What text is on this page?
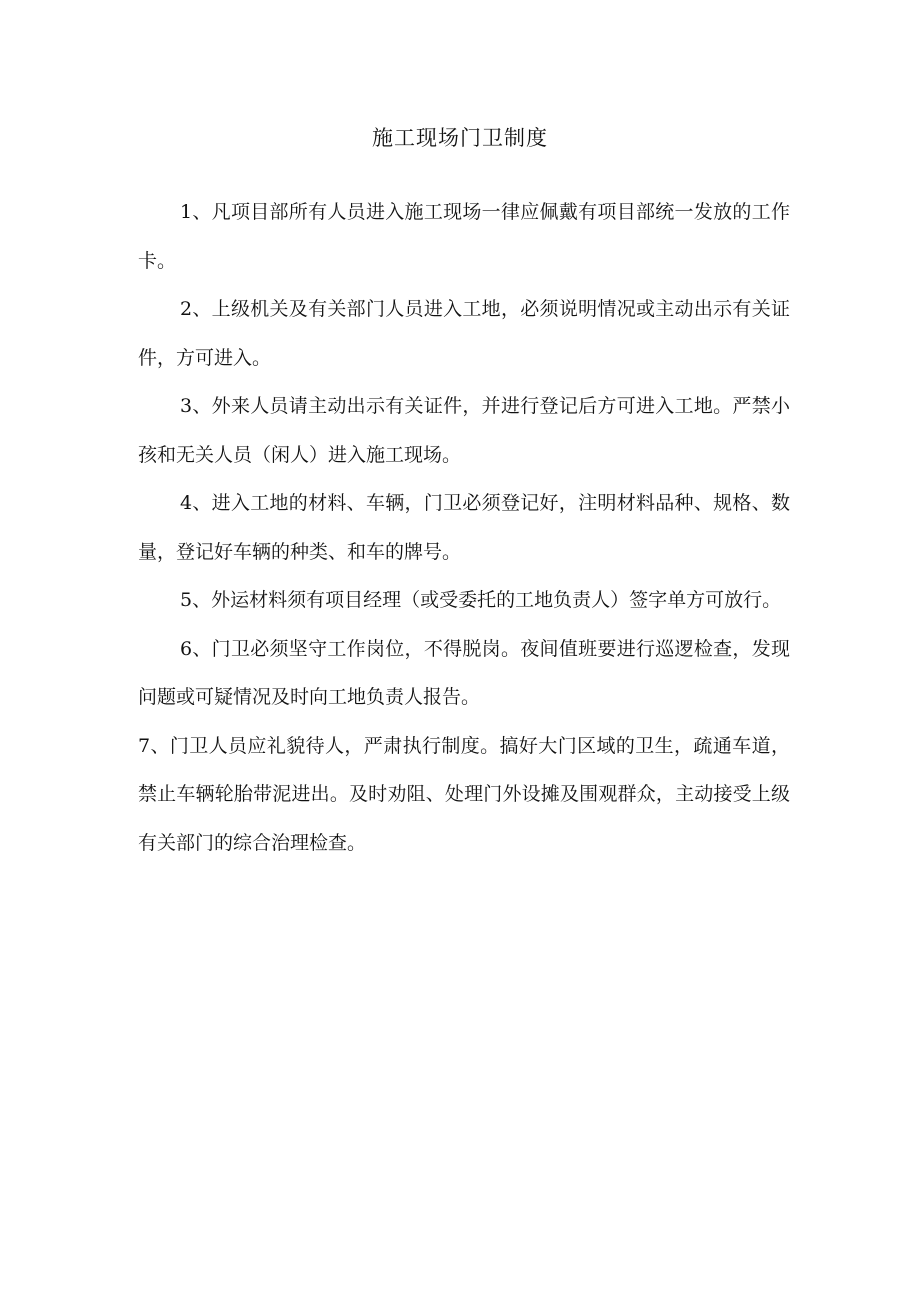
施工现场门卫制度

1、凡项目部所有人员进入施工现场一律应佩戴有项目部统一发放的工作卡。

2、上级机关及有关部门人员进入工地，必须说明情况或主动出示有关证件，方可进入。

3、外来人员请主动出示有关证件，并进行登记后方可进入工地。严禁小孩和无关人员（闲人）进入施工现场。

4、进入工地的材料、车辆，门卫必须登记好，注明材料品种、规格、数量，登记好车辆的种类、和车的牌号。

5、外运材料须有项目经理（或受委托的工地负责人）签字单方可放行。

6、门卫必须坚守工作岗位，不得脱岗。夜间值班要进行巡逻检查，发现问题或可疑情况及时向工地负责人报告。

7、门卫人员应礼貌待人，严肃执行制度。搞好大门区域的卫生，疏通车道，禁止车辆轮胎带泥进出。及时劝阻、处理门外设摊及围观群众，主动接受上级有关部门的综合治理检查。
